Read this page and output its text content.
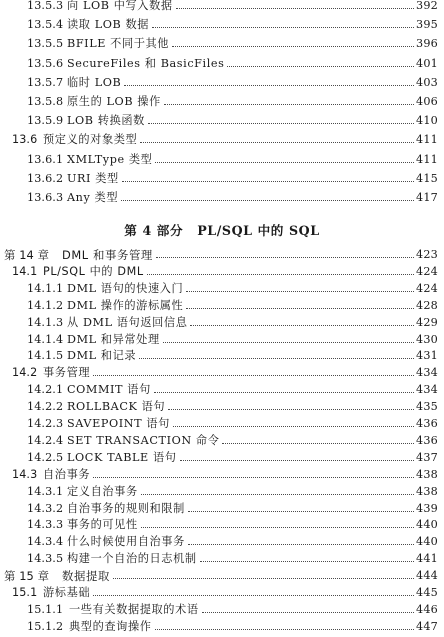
13.5.3 向 LOB 中写入数据	392
13.5.4 读取 LOB 数据	395
13.5.5 BFILE 不同于其他	396
13.5.6 SecureFiles 和 BasicFiles	401
13.5.7 临时 LOB	403
13.5.8 原生的 LOB 操作	406
13.5.9 LOB 转换函数	410
13.6 预定义的对象类型	411
13.6.1 XMLType 类型	411
13.6.2 URI 类型	415
13.6.3 Any 类型	417
第 4 部分 PL/SQL 中的 SQL
第 14 章	DML 和事务管理	423
14.1 PL/SQL 中的 DML	424
14.1.1 DML 语句的快速入门	424
14.1.2 DML 操作的游标属性	428
14.1.3 从 DML 语句返回信息	429
14.1.4 DML 和异常处理	430
14.1.5 DML 和记录	431
14.2 事务管理	434
14.2.1 COMMIT 语句	434
14.2.2 ROLLBACK 语句	435
14.2.3 SAVEPOINT 语句	436
14.2.4 SET TRANSACTION 命令	436
14.2.5 LOCK TABLE 语句	437
14.3 自治事务	438
14.3.1 定义自治事务	438
14.3.2 自治事务的规则和限制	439
14.3.3 事务的可见性	440
14.3.4 什么时候使用自治事务	440
14.3.5 构建一个自治的日志机制	441
第 15 章	数据提取	444
15.1 游标基础	445
15.1.1 一些有关数据提取的术语	446
15.1.2 典型的查询操作	447
